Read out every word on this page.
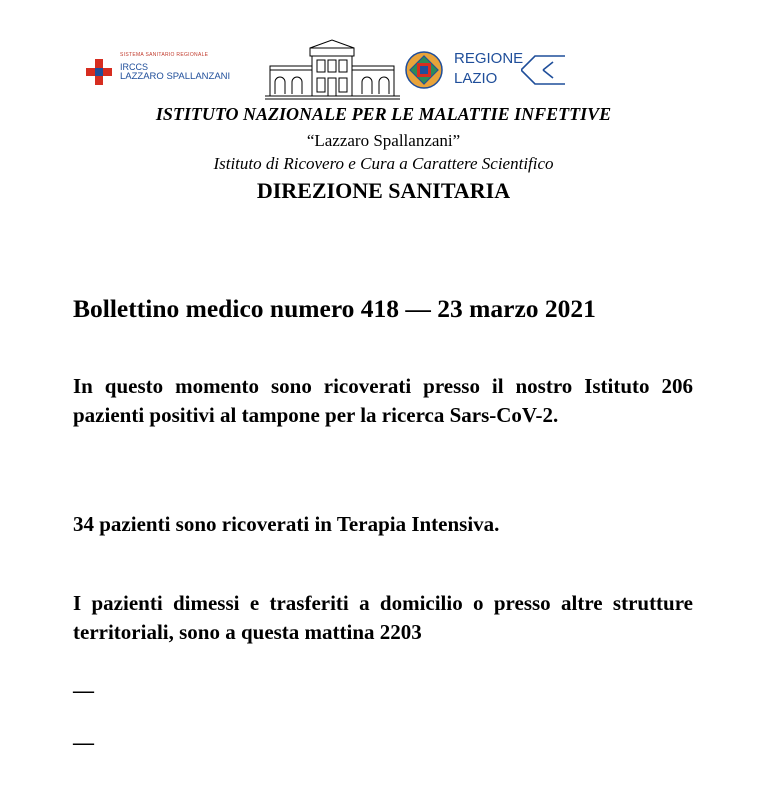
SISTEMA SANITARIO REGIONALE
IRCCS
LAZZARO SPALLANZANI
REGIONE
LAZIO
ISTITUTO NAZIONALE PER LE MALATTIE INFETTIVE
“Lazzaro Spallanzani”
Istituto di Ricovero e Cura a Carattere Scientifico
DIREZIONE SANITARIA
Bollettino medico numero 418 — 23 marzo 2021
In questo momento sono ricoverati presso il nostro Istituto 206 pazienti positivi al tampone per la ricerca Sars-CoV-2.
34 pazienti sono ricoverati in Terapia Intensiva.
I pazienti dimessi e trasferiti a domicilio o presso altre strutture territoriali, sono a questa mattina 2203
—
—
